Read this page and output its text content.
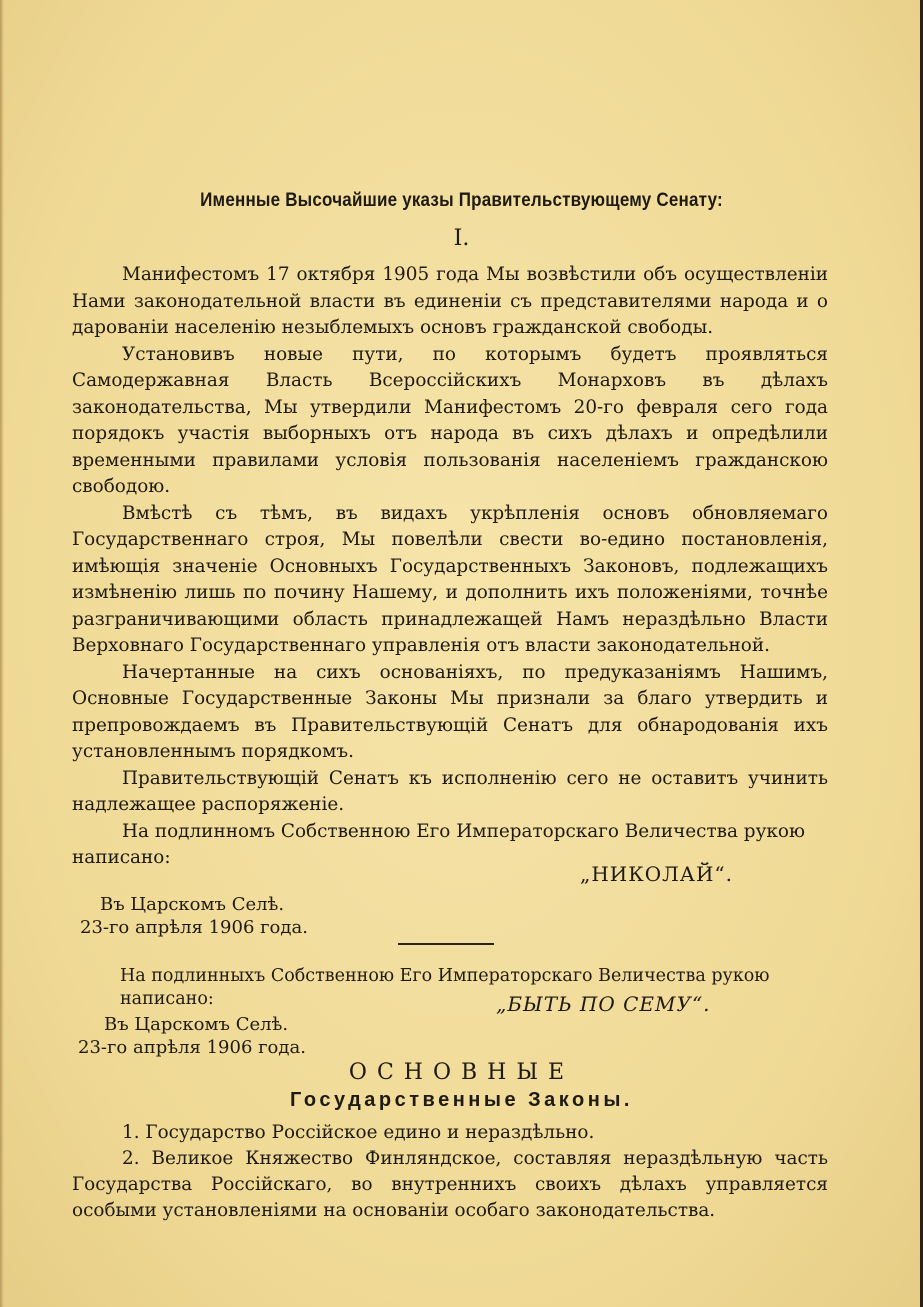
Именные Высочайшие указы Правительствующему Сенату:
I.

Манифестомъ 17 октября 1905 года Мы возвѣстили объ осуществленiи Нами законодательной власти въ единенiи съ представителями народа и о дарованiи населенiю незыблемыхъ основъ гражданской свободы.

Установивъ новые пути, по которымъ будетъ проявляться Самодержавная Власть Всероссiйскихъ Монарховъ въ дѣлахъ законодательства, Мы утвердили Манифестомъ 20-го февраля сего года порядокъ участiя выборныхъ отъ народа въ сихъ дѣлахъ и опредѣлили временными правилами условiя пользованiя населенiемъ гражданскою свободою.

Вмѣстѣ съ тѣмъ, въ видахъ укрѣпленiя основъ обновляемаго Государственнаго строя, Мы повелѣли свести во-едино постановленiя, имѣющiя значенiе Основныхъ Государственныхъ Законовъ, подлежащихъ измѣненiю лишь по почину Нашему, и дополнить ихъ положенiями, точнѣе разграничивающими область принадлежащей Намъ нераздѣльно Власти Верховнаго Государственнаго управленiя отъ власти законодательной.

Начертанные на сихъ основанiяхъ, по предуказанiямъ Нашимъ, Основные Государственные Законы Мы признали за благо утвердить и препровождаемъ въ Правительствующiй Сенатъ для обнародованiя ихъ установленнымъ порядкомъ.

Правительствующiй Сенатъ къ исполненiю сего не оставитъ учинить надлежащее распоряженiе.

На подлинномъ Собственною Его Императорскаго Величества рукою написано:

„НИКОЛАЙ“.
Въ Царскомъ Селѣ.
23-го апрѣля 1906 года.
На подлинныхъ Собственною Его Императорскаго Величества рукою написано:	„БЫТЬ ПО СЕМУ“.
Въ Царскомъ Селѣ.
23-го апрѣля 1906 года.
ОСНОВНЫЕ
Государственные Законы.

1. Государство Россiйское едино и нераздѣльно.

2. Великое Княжество Финляндское, составляя нераздѣльную часть Государства Россiйскаго, во внутреннихъ своихъ дѣлахъ управляется особыми установленiями на основанiи особаго законодательства.
